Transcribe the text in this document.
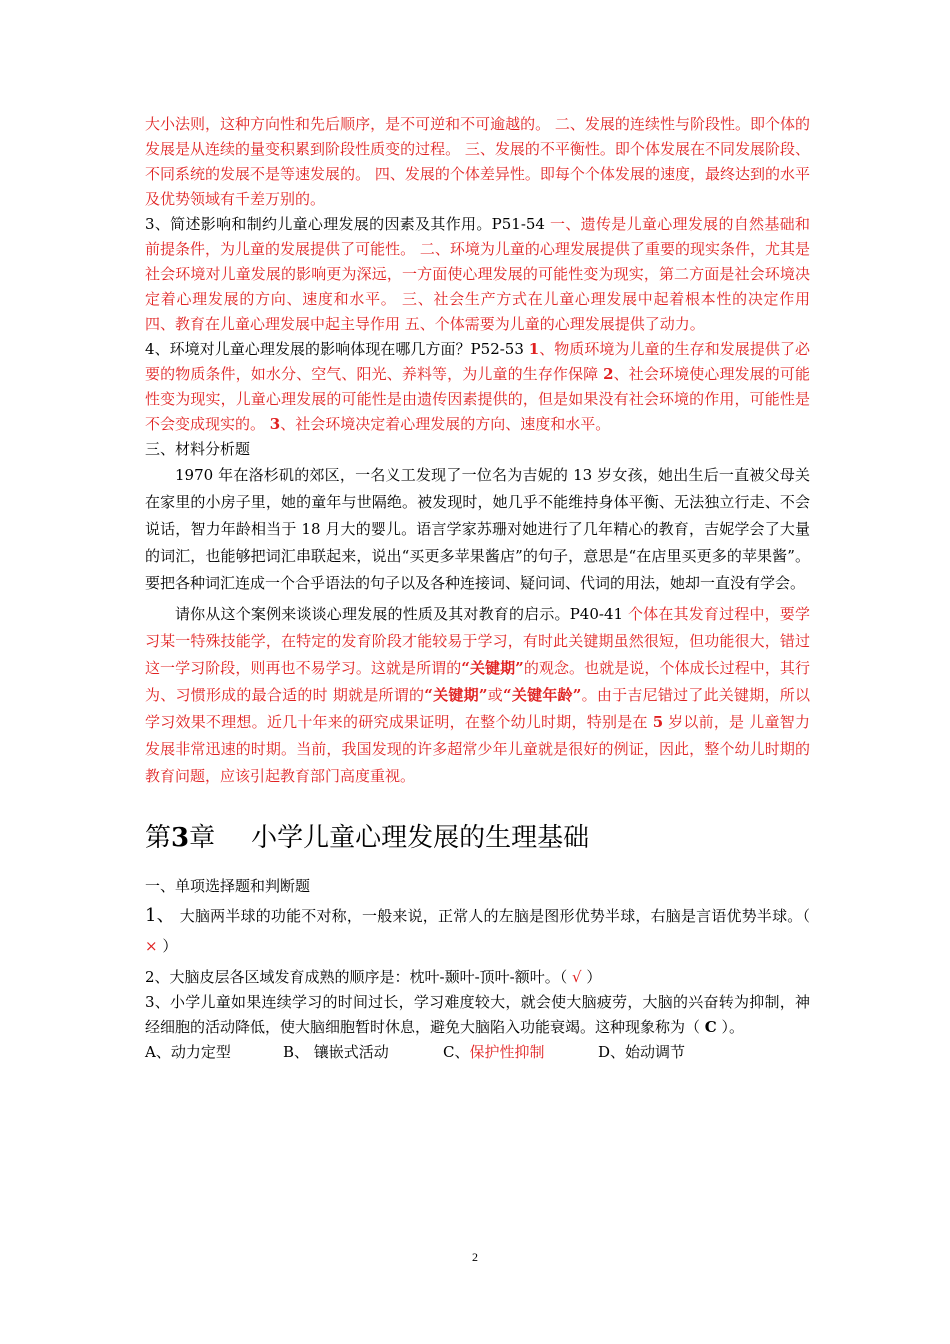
大小法则，这种方向性和先后顺序，是不可逆和不可逾越的。 二、发展的连续性与阶段性。即个体的发展是从连续的量变积累到阶段性质变的过程。 三、发展的不平衡性。即个体发展在不同发展阶段、不同系统的发展不是等速发展的。 四、发展的个体差异性。即每个个体发展的速度，最终达到的水平及优势领域有千差万别的。

3、简述影响和制约儿童心理发展的因素及其作用。P51-54 一、遗传是儿童心理发展的自然基础和前提条件，为儿童的发展提供了可能性。 二、环境为儿童的心理发展提供了重要的现实条件，尤其是社会环境对儿童发展的影响更为深远，一方面使心理发展的可能性变为现实，第二方面是社会环境决定着心理发展的方向、速度和水平。 三、社会生产方式在儿童心理发展中起着根本性的决定作用 四、教育在儿童心理发展中起主导作用 五、个体需要为儿童的心理发展提供了动力。

4、环境对儿童心理发展的影响体现在哪几方面？P52-53 1、物质环境为儿童的生存和发展提供了必要的物质条件，如水分、空气、阳光、养料等，为儿童的生存作保障 2、社会环境使心理发展的可能性变为现实，儿童心理发展的可能性是由遗传因素提供的，但是如果没有社会环境的作用，可能性是不会变成现实的。 3、社会环境决定着心理发展的方向、速度和水平。

三、材料分析题

1970 年在洛杉矶的郊区，一名义工发现了一位名为吉妮的 13 岁女孩，她出生后一直被父母关在家里的小房子里，她的童年与世隔绝。被发现时，她几乎不能维持身体平衡、无法独立行走、不会说话，智力年龄相当于 18 月大的婴儿。语言学家苏珊对她进行了几年精心的教育，吉妮学会了大量的词汇，也能够把词汇串联起来，说出“买更多苹果酱店”的句子，意思是“在店里买更多的苹果酱”。要把各种词汇连成一个合乎语法的句子以及各种连接词、疑问词、代词的用法，她却一直没有学会。

请你从这个案例来谈谈心理发展的性质及其对教育的启示。P40-41 个体在其发育过程中，要学习某一特殊技能学，在特定的发育阶段才能较易于学习，有时此关键期虽然很短，但功能很大，错过这一学习阶段，则再也不易学习。这就是所谓的“关键期”的观念。也就是说，个体成长过程中，其行为、习惯形成的最合适的时 期就是所谓的“关键期”或“关键年龄”。由于吉尼错过了此关键期，所以学习效果不理想。近几十年来的研究成果证明，在整个幼儿时期，特别是在 5 岁以前，是 儿童智力发展非常迅速的时期。当前，我国发现的许多超常少年儿童就是很好的例证，因此，整个幼儿时期的教育问题，应该引起教育部门高度重视。

第3章 小学儿童心理发展的生理基础

一、单项选择题和判断题

1、 大脑两半球的功能不对称，一般来说，正常人的左脑是图形优势半球，右脑是言语优势半球。（ × ）

2、大脑皮层各区域发育成熟的顺序是：枕叶-颞叶-顶叶-额叶。（ √ ）

3、小学儿童如果连续学习的时间过长，学习难度较大，就会使大脑疲劳，大脑的兴奋转为抑制，神经细胞的活动降低，使大脑细胞暂时休息，避免大脑陷入功能衰竭。这种现象称为（ C ）。

A、动力定型	B、 镶嵌式活动	C、保护性抑制	D、始动调节
2
